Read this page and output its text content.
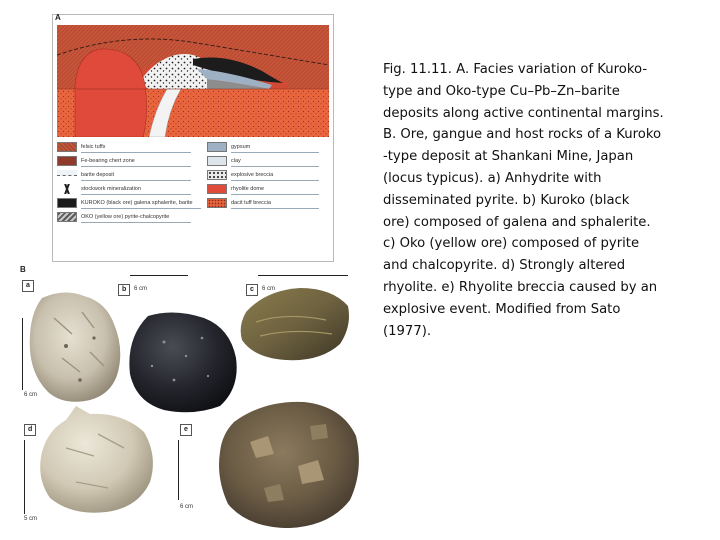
A
felsic tuffs
Fe-bearing chert zone
barite deposit
stockwork mineralization
KUROKO (black ore) galena sphalerite, barite
OKO (yellow ore) pyrite-chalcopyrite
gypsum
clay
explosive breccia
rhyolite dome
dacit tuff breccia
B
a
6 cm
b	6 cm	c	6 cm
d
5 cm
e
6 cm
Fig. 11.11. A. Facies variation of Kuroko-
type and Oko-type Cu–Pb–Zn–barite
deposits along active continental margins.
B. Ore, gangue and host rocks of a Kuroko
-type deposit at Shankani Mine, Japan
(locus typicus). a) Anhydrite with
disseminated pyrite. b) Kuroko (black
ore) composed of galena and sphalerite.
c) Oko (yellow ore) composed of pyrite
and chalcopyrite. d) Strongly altered
rhyolite. e) Rhyolite breccia caused by an
explosive event. Modified from Sato
(1977).
